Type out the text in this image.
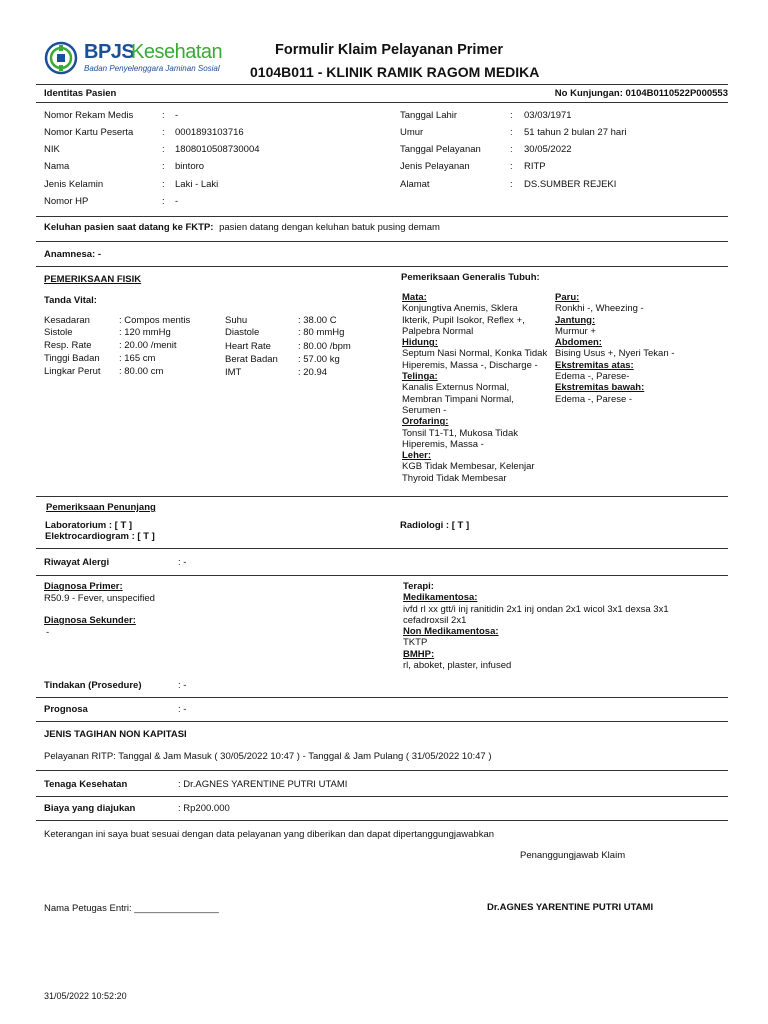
BPJS
Kesehatan
Badan Penyelenggara Jaminan Sosial
Formulir Klaim Pelayanan Primer
0104B011 - KLINIK RAMIK RAGOM MEDIKA
Identitas Pasien	No Kunjungan: 0104B0110522P000553
Nomor Rekam Medis	: -
Nomor Kartu Peserta	: 0001893103716
NIK	: 1808010508730004
Nama	: bintoro
Jenis Kelamin	: Laki - Laki
Nomor HP	: -
Tanggal Lahir	: 03/03/1971
Umur	: 51 tahun 2 bulan 27 hari
Tanggal Pelayanan	: 30/05/2022
Jenis Pelayanan	: RITP
Alamat	: DS.SUMBER REJEKI
Keluhan pasien saat datang ke FKTP: pasien datang dengan keluhan batuk pusing demam
Anamnesa: -
PEMERIKSAAN FISIK
Tanda Vital:
Kesadaran	: Compos mentis
Sistole	: 120 mmHg
Resp. Rate	: 20.00 /menit
Tinggi Badan : 165 cm
Lingkar Perut : 80.00 cm
Suhu	: 38.00 C
Diastole	: 80 mmHg
Heart Rate	: 80.00 /bpm
Berat Badan : 57.00 kg
IMT	: 20.94
Pemeriksaan Generalis Tubuh:
Mata:
Konjungtiva Anemis, Sklera Ikterik, Pupil Isokor, Reflex +, Palpebra Normal
Hidung:
Septum Nasi Normal, Konka Tidak Hiperemis, Massa -, Discharge -
Telinga:
Kanalis Externus Normal, Membran Timpani Normal, Serumen -
Orofaring:
Tonsil T1-T1, Mukosa Tidak Hiperemis, Massa -
Leher:
KGB Tidak Membesar, Kelenjar Thyroid Tidak Membesar
Paru:
Ronkhi -, Wheezing -
Jantung:
Murmur +
Abdomen:
Bising Usus +, Nyeri Tekan -
Ekstremitas atas:
Edema -, Parese-
Ekstremitas bawah:
Edema -, Parese -
Pemeriksaan Penunjang
Laboratorium : [ T ]
Elektrocardiogram : [ T ]
Radiologi : [ T ]
Riwayat Alergi	: -
Diagnosa Primer:
R50.9 - Fever, unspecified
Diagnosa Sekunder:
-
Terapi:
Medikamentosa:
ivfd rl xx gtt/i inj ranitidin 2x1 inj ondan 2x1 wicol 3x1 dexsa 3x1 cefadroxsil 2x1
Non Medikamentosa:
TKTP
BMHP:
rl, aboket, plaster, infused
Tindakan (Prosedure)	: -
Prognosa	: -
JENIS TAGIHAN NON KAPITASI
Pelayanan RITP: Tanggal & Jam Masuk ( 30/05/2022 10:47 ) - Tanggal & Jam Pulang ( 31/05/2022 10:47 )
Tenaga Kesehatan	: Dr.AGNES YARENTINE PUTRI UTAMI
Biaya yang diajukan	: Rp200.000
Keterangan ini saya buat sesuai dengan data pelayanan yang diberikan dan dapat dipertanggungjawabkan
Penanggungjawab Klaim
Nama Petugas Entri: ________________	Dr.AGNES YARENTINE PUTRI UTAMI
31/05/2022 10:52:20
